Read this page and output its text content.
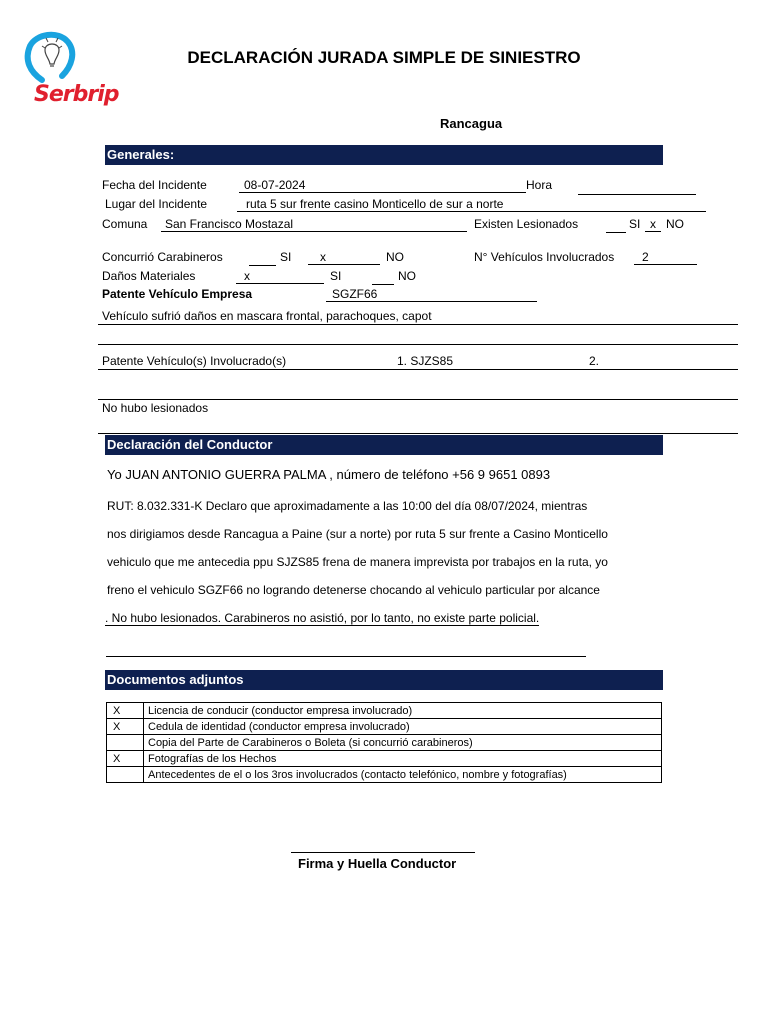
Serbrip
DECLARACIÓN JURADA SIMPLE DE SINIESTRO
Rancagua
Generales:
Fecha del Incidente	08-07-2024	Hora
Lugar del Incidente	ruta 5 sur frente casino Monticello de sur a norte
Comuna	San Francisco Mostazal	Existen Lesionados	SI x NO
Concurrió Carabineros	SI	x	NO	N° Vehículos Involucrados	2
Daños Materiales	x	SI	NO
Patente Vehículo Empresa	SGZF66
Vehículo sufrió daños en mascara frontal, parachoques, capot
Patente Vehículo(s) Involucrado(s)	1. SJZS85	2.
No hubo lesionados
Declaración del Conductor
Yo JUAN ANTONIO GUERRA PALMA , número de teléfono +56 9 9651 0893
RUT: 8.032.331-K Declaro que aproximadamente a las 10:00 del día 08/07/2024, mientras
nos dirigiamos desde Rancagua a Paine (sur a norte) por ruta 5 sur frente a Casino Monticello
vehiculo que me antecedia ppu SJZS85 frena de manera imprevista por trabajos en la ruta, yo
freno el vehiculo SGZF66 no logrando detenerse chocando al vehiculo particular por alcance
. No hubo lesionados. Carabineros no asistió, por lo tanto, no existe parte policial.
Documentos adjuntos
X	Licencia de conducir (conductor empresa involucrado)
X	Cedula de identidad (conductor empresa involucrado)
	Copia del Parte de Carabineros o Boleta (si concurrió carabineros)
X	Fotografías de los Hechos
	Antecedentes de el o los 3ros involucrados (contacto telefónico, nombre y fotografías)
Firma y Huella Conductor
